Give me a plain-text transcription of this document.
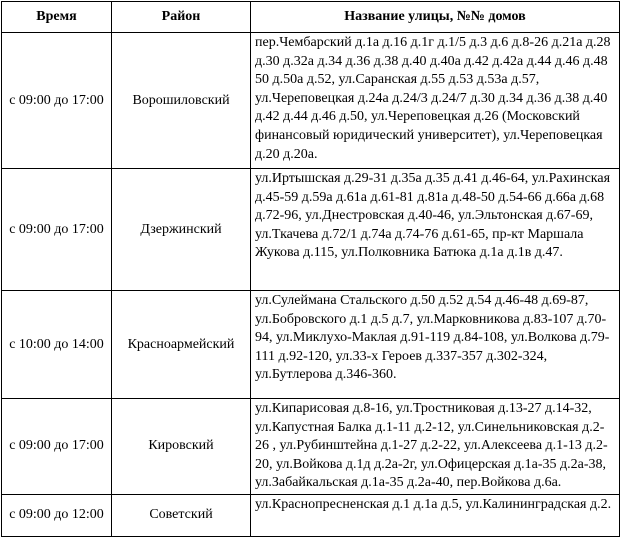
Время	Район	Название улицы, №№ домов
с 09:00 до 17:00	Ворошиловский	пер.Чембарский д.1а д.16 д.1г д.1/5 д.3 д.6 д.8-26 д.21а д.28 д.30 д.32а д.34 д.36 д.38 д.40 д.40а д.42 д.42а д.44 д.46 д.48 50 д.50а д.52, ул.Саранская д.55 д.53 д.53а д.57, ул.Череповецкая д.24а д.24/3 д.24/7 д.30 д.34 д.36 д.38 д.40 д.42 д.44 д.46 д.50, ул.Череповецкая д.26 (Московский финансовый юридический университет), ул.Череповецкая д.20 д.20а.
с 09:00 до 17:00	Дзержинский	ул.Иртышская д.29-31 д.35а д.35 д.41 д.46-64, ул.Рахинская д.45-59 д.59а д.61а д.61-81 д.81а д.48-50 д.54-66 д.66а д.68 д.72-96, ул.Днестровская д.40-46, ул.Эльтонская д.67-69, ул.Ткачева д.72/1 д.74а д.74-76 д.61-65, пр-кт Маршала Жукова д.115, ул.Полковника Батюка д.1а д.1в д.47.
с 10:00 до 14:00	Красноармейский	ул.Сулеймана Стальского д.50 д.52 д.54 д.46-48 д.69-87, ул.Бобровского д.1 д.5 д.7, ул.Марковникова д.83-107 д.70-94, ул.Миклухо-Маклая д.91-119 д.84-108, ул.Волкова д.79-111 д.92-120, ул.33-х Героев д.337-357 д.302-324, ул.Бутлерова д.346-360.
с 09:00 до 17:00	Кировский	ул.Кипарисовая д.8-16, ул.Тростниковая д.13-27 д.14-32, ул.Капустная Балка д.1-11 д.2-12, ул.Синельниковская д.2-26 , ул.Рубинштейна д.1-27 д.2-22, ул.Алексеева д.1-13 д.2-20, ул.Войкова д.1д д.2а-2г, ул.Офицерская д.1а-35 д.2а-38, ул.Забайкальская д.1а-35 д.2а-40, пер.Войкова д.6а.
с 09:00 до 12:00	Советский	ул.Краснопресненская д.1 д.1а д.5, ул.Калининградская д.2.
